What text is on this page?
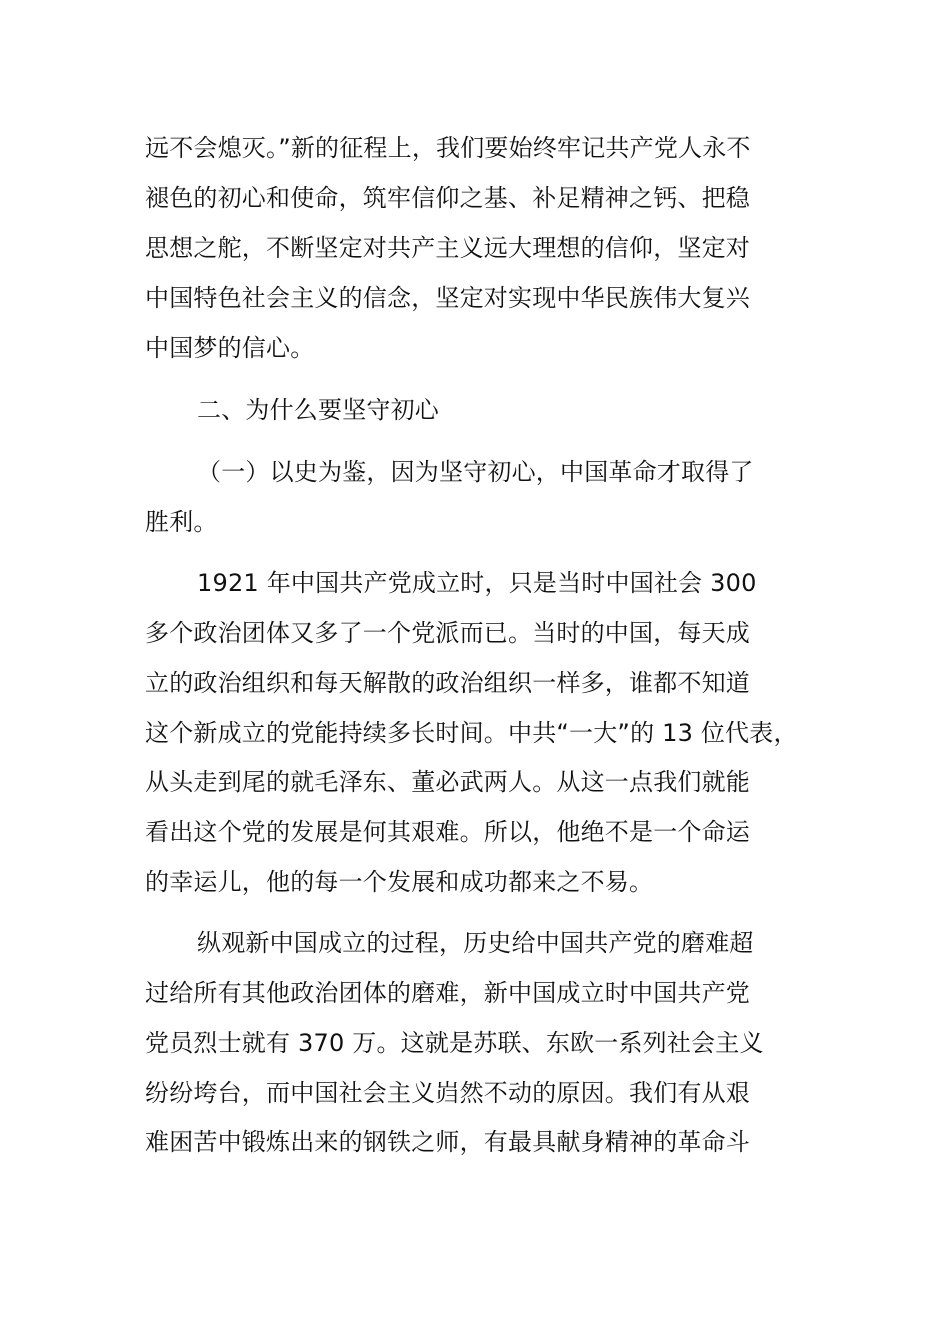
远不会熄灭。”新的征程上，我们要始终牢记共产党人永不
褪色的初心和使命，筑牢信仰之基、补足精神之钙、把稳
思想之舵，不断坚定对共产主义远大理想的信仰，坚定对
中国特色社会主义的信念，坚定对实现中华民族伟大复兴
中国梦的信心。
二、为什么要坚守初心
（一）以史为鉴，因为坚守初心，中国革命才取得了
胜利。
1921 年中国共产党成立时，只是当时中国社会 300
多个政治团体又多了一个党派而已。当时的中国，每天成
立的政治组织和每天解散的政治组织一样多，谁都不知道
这个新成立的党能持续多长时间。中共“一大”的 13 位代表，
从头走到尾的就毛泽东、董必武两人。从这一点我们就能
看出这个党的发展是何其艰难。所以，他绝不是一个命运
的幸运儿，他的每一个发展和成功都来之不易。
纵观新中国成立的过程，历史给中国共产党的磨难超
过给所有其他政治团体的磨难，新中国成立时中国共产党
党员烈士就有 370 万。这就是苏联、东欧一系列社会主义
纷纷垮台，而中国社会主义岿然不动的原因。我们有从艰
难困苦中锻炼出来的钢铁之师，有最具献身精神的革命斗
